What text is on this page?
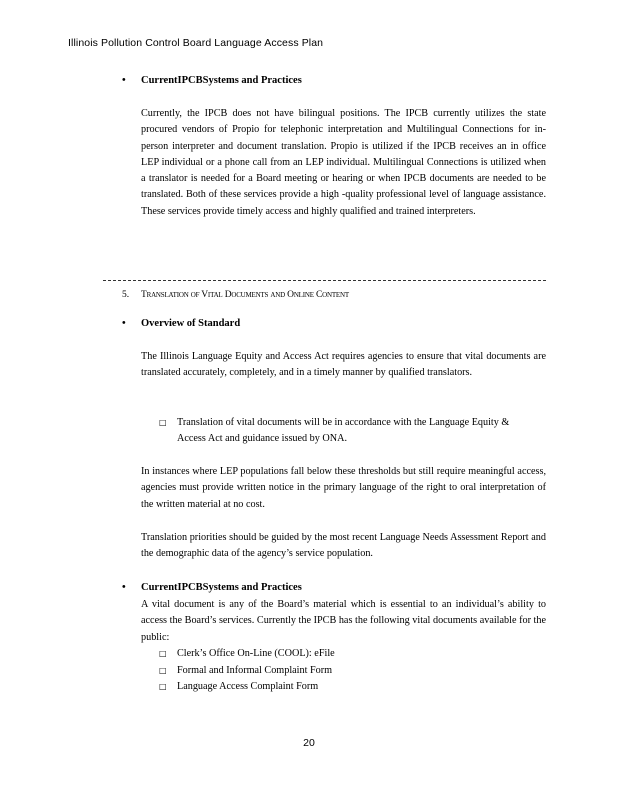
Illinois Pollution Control Board Language Access Plan
• CurrentIPCBSystems and Practices

Currently, the IPCB does not have bilingual positions. The IPCB currently utilizes the state procured vendors of Propio for telephonic interpretation and Multilingual Connections for in-person interpreter and document translation. Propio is utilized if the IPCB receives an in office LEP individual or a phone call from an LEP individual. Multilingual Connections is utilized when a translator is needed for a Board meeting or hearing or when IPCB documents are needed to be translated. Both of these services provide a high -quality professional level of language assistance. These services provide timely access and highly qualified and trained interpreters.

5. Translation of Vital Documents and Online Content
• Overview of Standard

The Illinois Language Equity and Access Act requires agencies to ensure that vital documents are translated accurately, completely, and in a timely manner by qualified translators.

□ Translation of vital documents will be in accordance with the Language Equity & Access Act and guidance issued by ONA.

In instances where LEP populations fall below these thresholds but still require meaningful access, agencies must provide written notice in the primary language of the right to oral interpretation of the written material at no cost.

Translation priorities should be guided by the most recent Language Needs Assessment Report and the demographic data of the agency’s service population.

• CurrentIPCBSystems and Practices

A vital document is any of the Board’s material which is essential to an individual’s ability to access the Board’s services. Currently the IPCB has the following vital documents available for the public:

□ Clerk’s Office On-Line (COOL): eFile
□ Formal and Informal Complaint Form
□ Language Access Complaint Form
20
